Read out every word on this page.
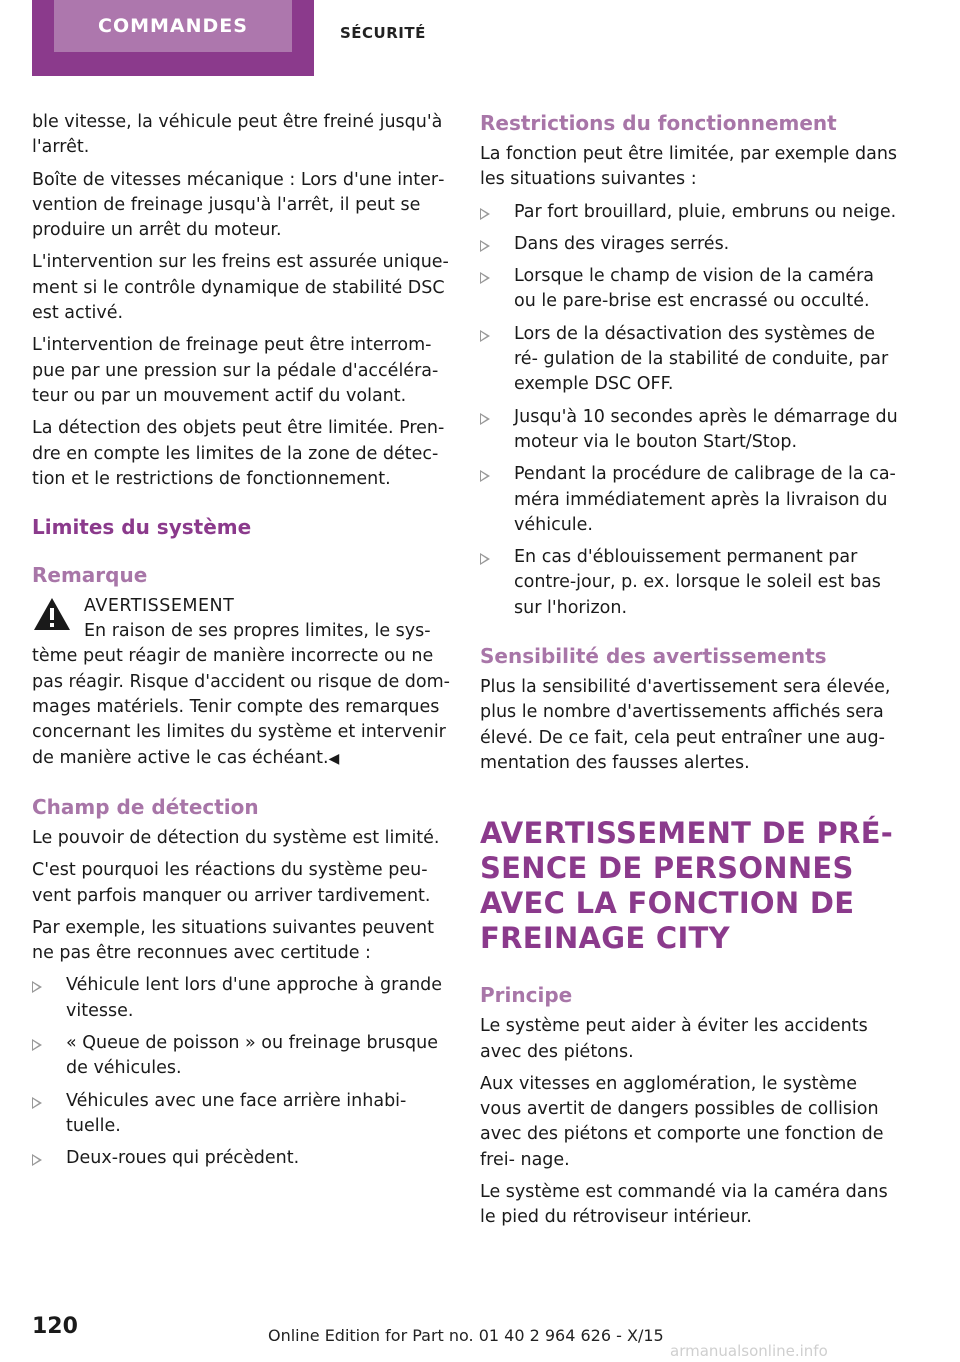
COMMANDES	SÉCURITÉ

ble vitesse, la véhicule peut être freiné jusqu'à l'arrêt.

Boîte de vitesses mécanique : Lors d'une inter‐ vention de freinage jusqu'à l'arrêt, il peut se produire un arrêt du moteur.

L'intervention sur les freins est assurée unique‐ ment si le contrôle dynamique de stabilité DSC est activé.

L'intervention de freinage peut être interrom‐ pue par une pression sur la pédale d'accéléra‐ teur ou par un mouvement actif du volant.

La détection des objets peut être limitée. Pren‐ dre en compte les limites de la zone de détec‐ tion et le restrictions de fonctionnement.

Limites du système
Remarque
AVERTISSEMENT
En raison de ses propres limites, le sys‐

tème peut réagir de manière incorrecte ou ne pas réagir. Risque d'accident ou risque de dom‐ mages matériels. Tenir compte des remarques concernant les limites du système et intervenir de manière active le cas échéant.◀

Champ de détection

Le pouvoir de détection du système est limité.

C'est pourquoi les réactions du système peu‐ vent parfois manquer ou arriver tardivement.

Par exemple, les situations suivantes peuvent ne pas être reconnues avec certitude :

Véhicule lent lors d'une approche à grande vitesse.
« Queue de poisson » ou freinage brusque de véhicules.
Véhicules avec une face arrière inhabi‐ tuelle.
Deux-roues qui précèdent.
Restrictions du fonctionnement

La fonction peut être limitée, par exemple dans les situations suivantes :

Par fort brouillard, pluie, embruns ou neige.
Dans des virages serrés.
Lorsque le champ de vision de la caméra ou le pare-brise est encrassé ou occulté.
Lors de la désactivation des systèmes de ré‐ gulation de la stabilité de conduite, par exemple DSC OFF.
Jusqu'à 10 secondes après le démarrage du moteur via le bouton Start/Stop.
Pendant la procédure de calibrage de la ca‐ méra immédiatement après la livraison du véhicule.
En cas d'éblouissement permanent par contre-jour, p. ex. lorsque le soleil est bas sur l'horizon.
Sensibilité des avertissements

Plus la sensibilité d'avertissement sera élevée, plus le nombre d'avertissements affichés sera élevé. De ce fait, cela peut entraîner une aug‐ mentation des fausses alertes.

AVERTISSEMENT DE PRÉ‐ SENCE DE PERSONNES AVEC LA FONCTION DE FREINAGE CITY
Principe

Le système peut aider à éviter les accidents avec des piétons.

Aux vitesses en agglomération, le système vous avertit de dangers possibles de collision avec des piétons et comporte une fonction de frei‐ nage.

Le système est commandé via la caméra dans le pied du rétroviseur intérieur.

120	Online Edition for Part no. 01 40 2 964 626 - X/15
armanualsonline.info
